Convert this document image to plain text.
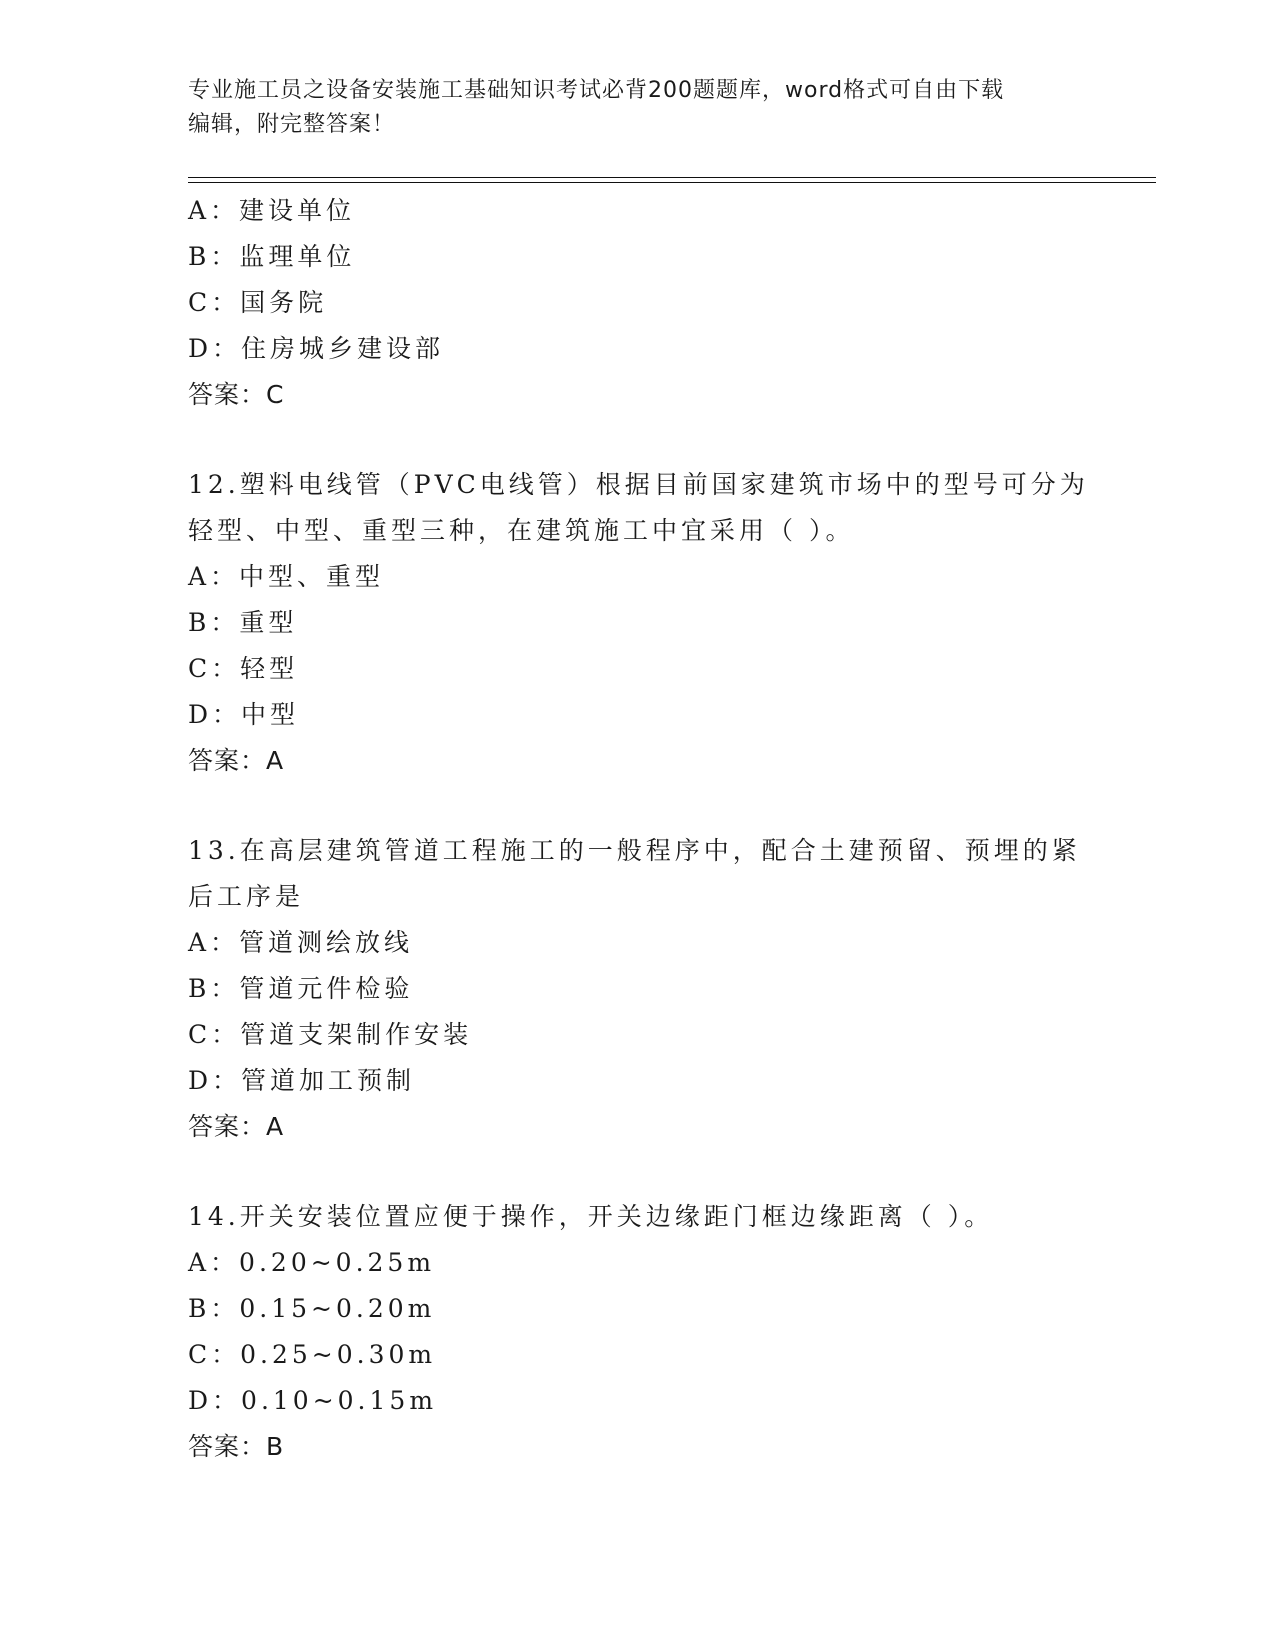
专业施工员之设备安装施工基础知识考试必背200题题库，word格式可自由下载
编辑，附完整答案！
A：建设单位
B：监理单位
C：国务院
D：住房城乡建设部
答案：C
12.塑料电线管（PVC电线管）根据目前国家建筑市场中的型号可分为
轻型、中型、重型三种，在建筑施工中宜采用（ ）。
A：中型、重型
B：重型
C：轻型
D：中型
答案：A
13.在高层建筑管道工程施工的一般程序中，配合土建预留、预埋的紧
后工序是
A：管道测绘放线
B：管道元件检验
C：管道支架制作安装
D：管道加工预制
答案：A
14.开关安装位置应便于操作，开关边缘距门框边缘距离（ ）。
A：0.20~0.25m
B：0.15~0.20m
C：0.25~0.30m
D：0.10~0.15m
答案：B
